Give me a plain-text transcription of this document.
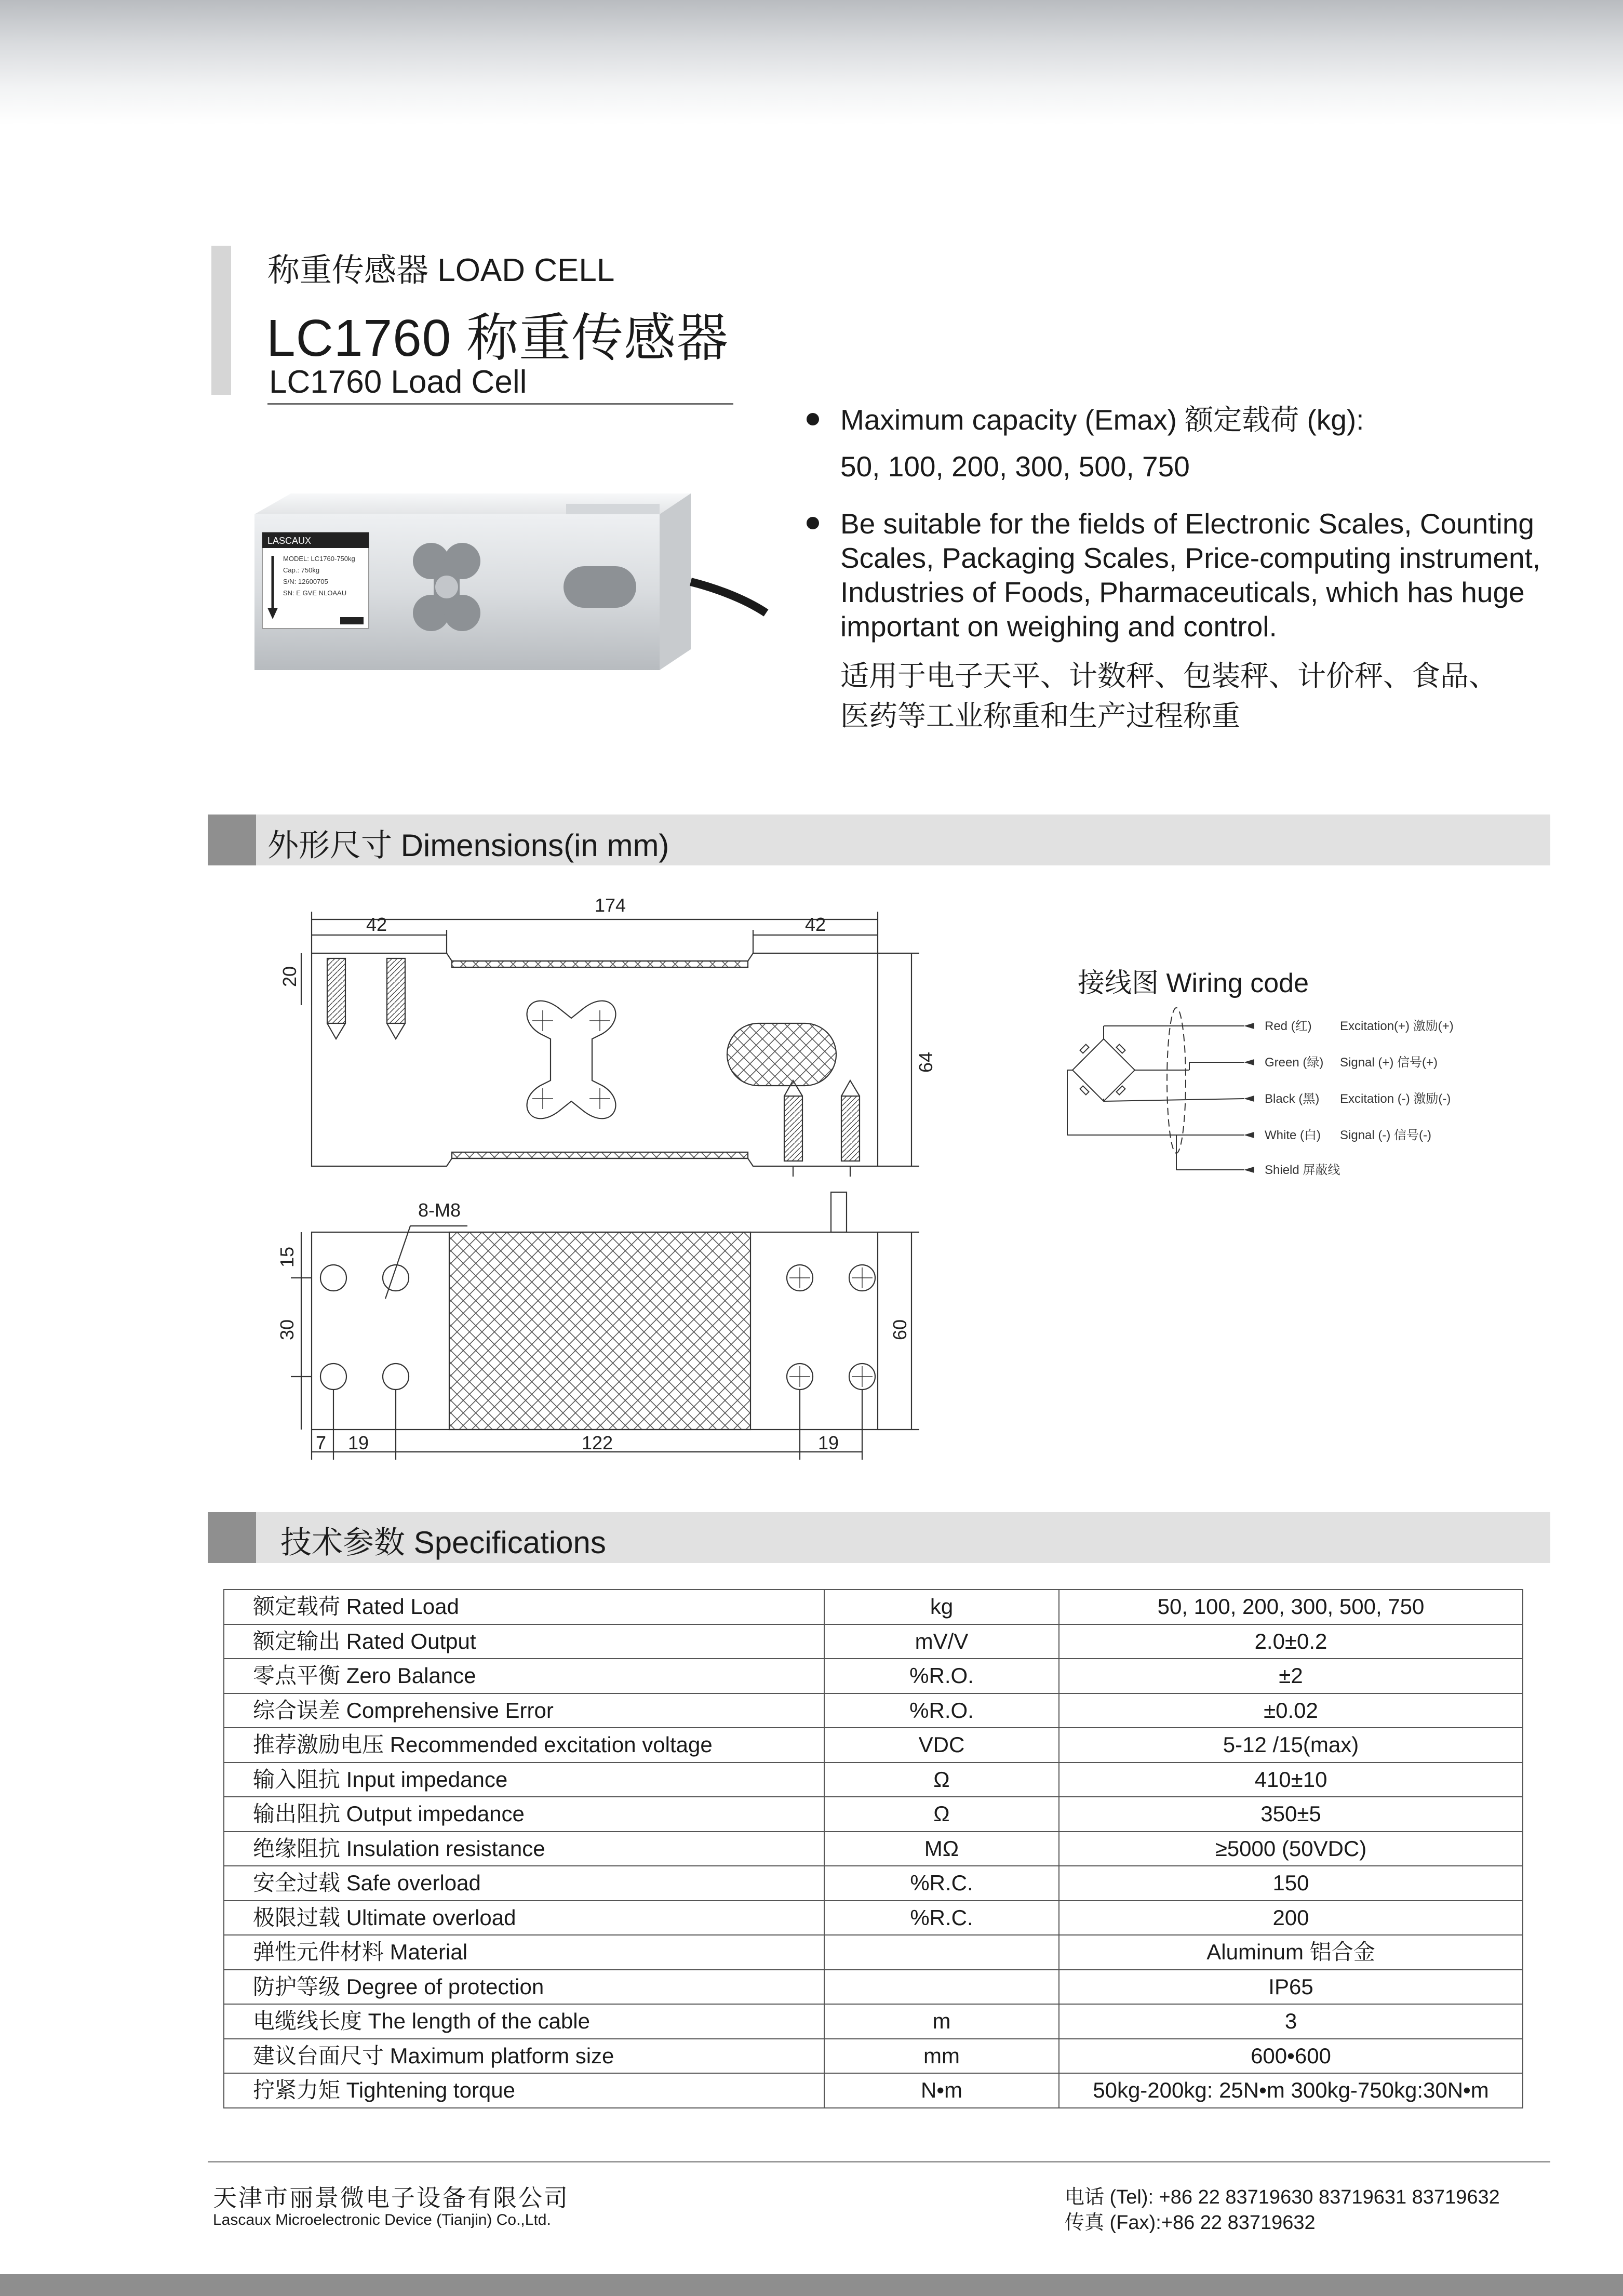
称重传感器 LOAD CELL
LC1760 称重传感器
LC1760 Load Cell
LASCAUX
MODEL: LC1760-750kg
Cap.: 750kg
S/N: 12600705
SN: E GVE NLOAAU
Maximum capacity (Emax) 额定载荷 (kg):
50, 100, 200, 300, 500, 750
Be suitable for the fields of Electronic Scales, Counting
Scales, Packaging Scales, Price-computing instrument,
Industries of Foods, Pharmaceuticals, which has huge
important on weighing and control.
适用于电子天平、计数秤、包装秤、计价秤、食品、
医药等工业称重和生产过程称重
外形尺寸 Dimensions(in mm)
174
42	42
20
64
8-M8
15
30	60
7 19	122	19
接线图 Wiring code
Red (红) Excitation(+) 激励(+)
Green (绿) Signal (+) 信号(+)
Black (黑) Excitation (-) 激励(-)
White (白) Signal (-) 信号(-)
Shield 屏蔽线
技术参数 Specifications
额定载荷 Rated Load	kg	50, 100, 200, 300, 500, 750
额定输出 Rated Output	mV/V	2.0±0.2
零点平衡 Zero Balance	%R.O.	±2
综合误差 Comprehensive Error	%R.O.	±0.02
推荐激励电压 Recommended excitation voltage	VDC	5-12 /15(max)
输入阻抗 Input impedance	Ω	410±10
输出阻抗 Output impedance	Ω	350±5
绝缘阻抗 Insulation resistance	MΩ	≥5000 (50VDC)
安全过载 Safe overload	%R.C.	150
极限过载 Ultimate overload	%R.C.	200
弹性元件材料 Material		Aluminum 铝合金
防护等级 Degree of protection		IP65
电缆线长度 The length of the cable	m	3
建议台面尺寸 Maximum platform size	mm	600•600
拧紧力矩 Tightening torque	N•m	50kg-200kg: 25N•m 300kg-750kg:30N•m
天津市丽景微电子设备有限公司
Lascaux Microelectronic Device (Tianjin) Co.,Ltd.
电话 (Tel): +86 22 83719630 83719631 83719632
传真 (Fax):+86 22 83719632
